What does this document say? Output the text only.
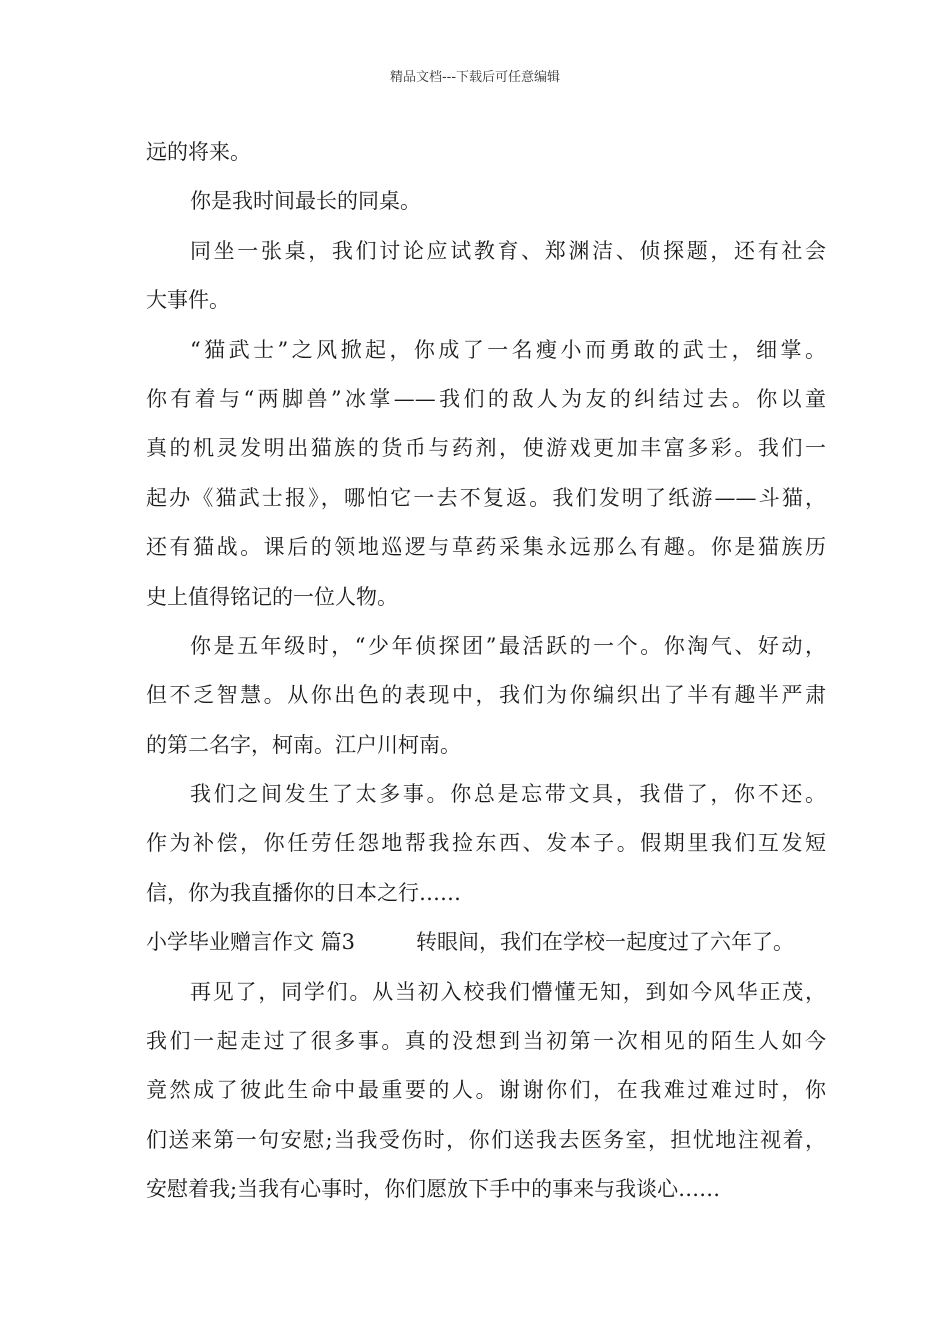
精品文档---下载后可任意编辑
远的将来。
你是我时间最长的同桌。
同坐一张桌，我们讨论应试教育、郑渊洁、侦探题，还有社会
大事件。
“猫武士”之风掀起，你成了一名瘦小而勇敢的武士，细掌。
你有着与“两脚兽”冰掌——我们的敌人为友的纠结过去。你以童
真的机灵发明出猫族的货币与药剂，使游戏更加丰富多彩。我们一
起办《猫武士报》，哪怕它一去不复返。我们发明了纸游——斗猫，
还有猫战。课后的领地巡逻与草药采集永远那么有趣。你是猫族历
史上值得铭记的一位人物。
你是五年级时，“少年侦探团”最活跃的一个。你淘气、好动，
但不乏智慧。从你出色的表现中，我们为你编织出了半有趣半严肃
的第二名字，柯南。江户川柯南。
我们之间发生了太多事。你总是忘带文具，我借了，你不还。
作为补偿，你任劳任怨地帮我捡东西、发本子。假期里我们互发短
信，你为我直播你的日本之行……
小学毕业赠言作文 篇3	转眼间，我们在学校一起度过了六年了。
再见了，同学们。从当初入校我们懵懂无知，到如今风华正茂，
我们一起走过了很多事。真的没想到当初第一次相见的陌生人如今
竟然成了彼此生命中最重要的人。谢谢你们，在我难过难过时，你
们送来第一句安慰;当我受伤时，你们送我去医务室，担忧地注视着，
安慰着我;当我有心事时，你们愿放下手中的事来与我谈心……
